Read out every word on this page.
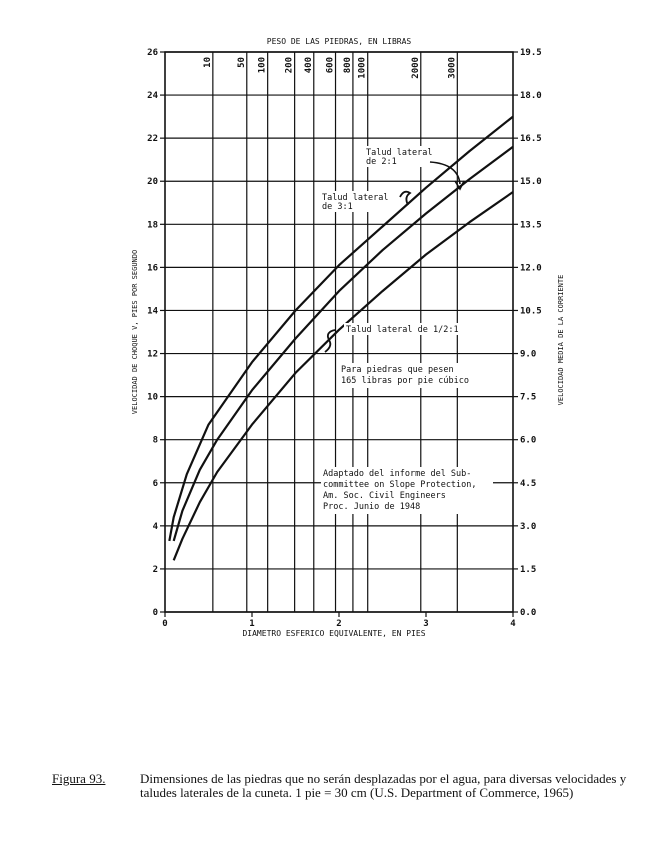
0	0.0
2	1.5
4	3.0
6	4.5
8	6.0
10	7.5
12	9.0
14	10.5
16	12.0
18	13.5
20	15.0
22	16.5
24	18.0
26	19.5
0	1	2	3	4
10	50 100 200 400 600 800 1000	2000	3000
PESO DE LAS PIEDRAS, EN LIBRAS
DIAMETRO ESFERICO EQUIVALENTE, EN PIES
VELOCIDAD DE CHOQUE V, PIES POR SEGUNDO	VELOCIDAD MEDIA DE LA CORRIENTE
Talud lateral
de 2:1
Talud lateral
de 3:1
Talud lateral de 1/2:1
Para piedras que pesen
165 libras por pie cúbico
Adaptado del informe del Sub-
committee on Slope Protection,
Am. Soc. Civil Engineers
Proc. Junio de 1948
Figura 93.	Dimensiones de las piedras que no serán desplazadas por el agua, para diversas velocidades y taludes laterales de la cuneta. 1 pie = 30 cm (U.S. Department of Commerce, 1965)
